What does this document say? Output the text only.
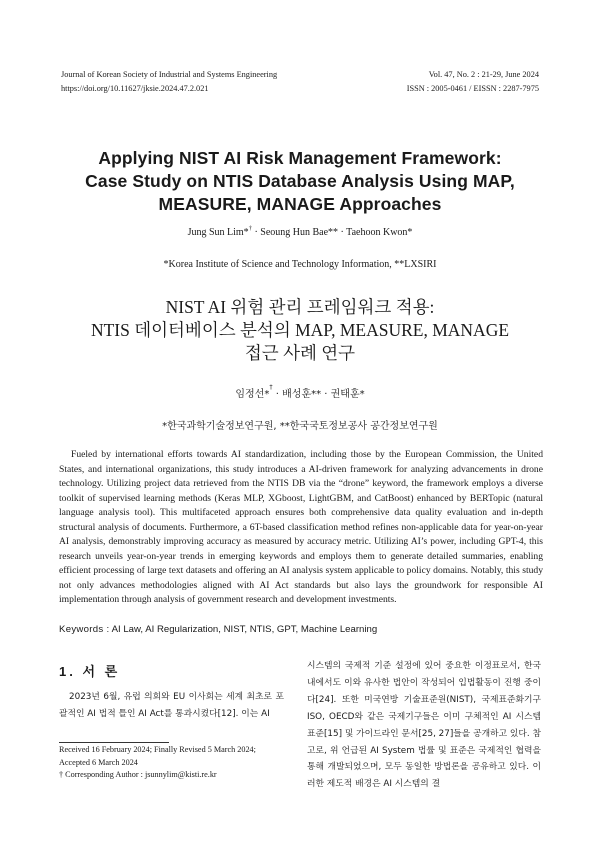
Journal of Korean Society of Industrial and Systems Engineering
https://doi.org/10.11627/jksie.2024.47.2.021
Vol. 47, No. 2 : 21-29, June 2024
ISSN : 2005-0461 / EISSN : 2287-7975
Applying NIST AI Risk Management Framework:
Case Study on NTIS Database Analysis Using MAP,
MEASURE, MANAGE Approaches
Jung Sun Lim*† · Seoung Hun Bae** · Taehoon Kwon*
*Korea Institute of Science and Technology Information, **LXSIRI
NIST AI 위험 관리 프레임워크 적용:
NTIS 데이터베이스 분석의 MAP, MEASURE, MANAGE
접근 사례 연구
임정선*† · 배성훈** · 권태훈*
*한국과학기술정보연구원, **한국국토정보공사 공간정보연구원
Fueled by international efforts towards AI standardization, including those by the European Commission, the United States, and international organizations, this study introduces a AI-driven framework for analyzing advancements in drone technology. Utilizing project data retrieved from the NTIS DB via the “drone” keyword, the framework employs a diverse toolkit of supervised learning methods (Keras MLP, XGboost, LightGBM, and CatBoost) enhanced by BERTopic (natural language analysis tool). This multifaceted approach ensures both comprehensive data quality evaluation and in-depth structural analysis of documents. Furthermore, a 6T-based classification method refines non-applicable data for year-on-year AI analysis, demonstrably improving accuracy as measured by accuracy metric. Utilizing AI’s power, including GPT-4, this research unveils year-on-year trends in emerging keywords and employs them to generate detailed summaries, enabling efficient processing of large text datasets and offering an AI analysis system applicable to policy domains. Notably, this study not only advances methodologies aligned with AI Act standards but also lays the groundwork for responsible AI implementation through analysis of government research and development investments.
Keywords : AI Law, AI Regularization, NIST, NTIS, GPT, Machine Learning
1. 서 론
2023년 6월, 유럽 의회와 EU 이사회는 세계 최초로 포괄적인 AI 법적 틀인 AI Act를 통과시켰다[12]. 이는 AI
시스템의 국제적 기준 설정에 있어 중요한 이정표로서, 한국 내에서도 이와 유사한 법안이 작성되어 입법활동이 진행 중이다[24]. 또한 미국연방 기술표준원(NIST), 국제표준화기구 ISO, OECD와 같은 국제기구들은 이미 구체적인 AI 시스템 표준[15] 및 가이드라인 문서[25, 27]들을 공개하고 있다. 참고로, 위 언급된 AI System 법률 및 표준은 국제적인 협력을 통해 개발되었으며, 모두 동일한 방법론을 공유하고 있다. 이러한 제도적 배경은 AI 시스템의 결
Received 16 February 2024; Finally Revised 5 March 2024;
Accepted 6 March 2024
† Corresponding Author : jsunnylim@kisti.re.kr
